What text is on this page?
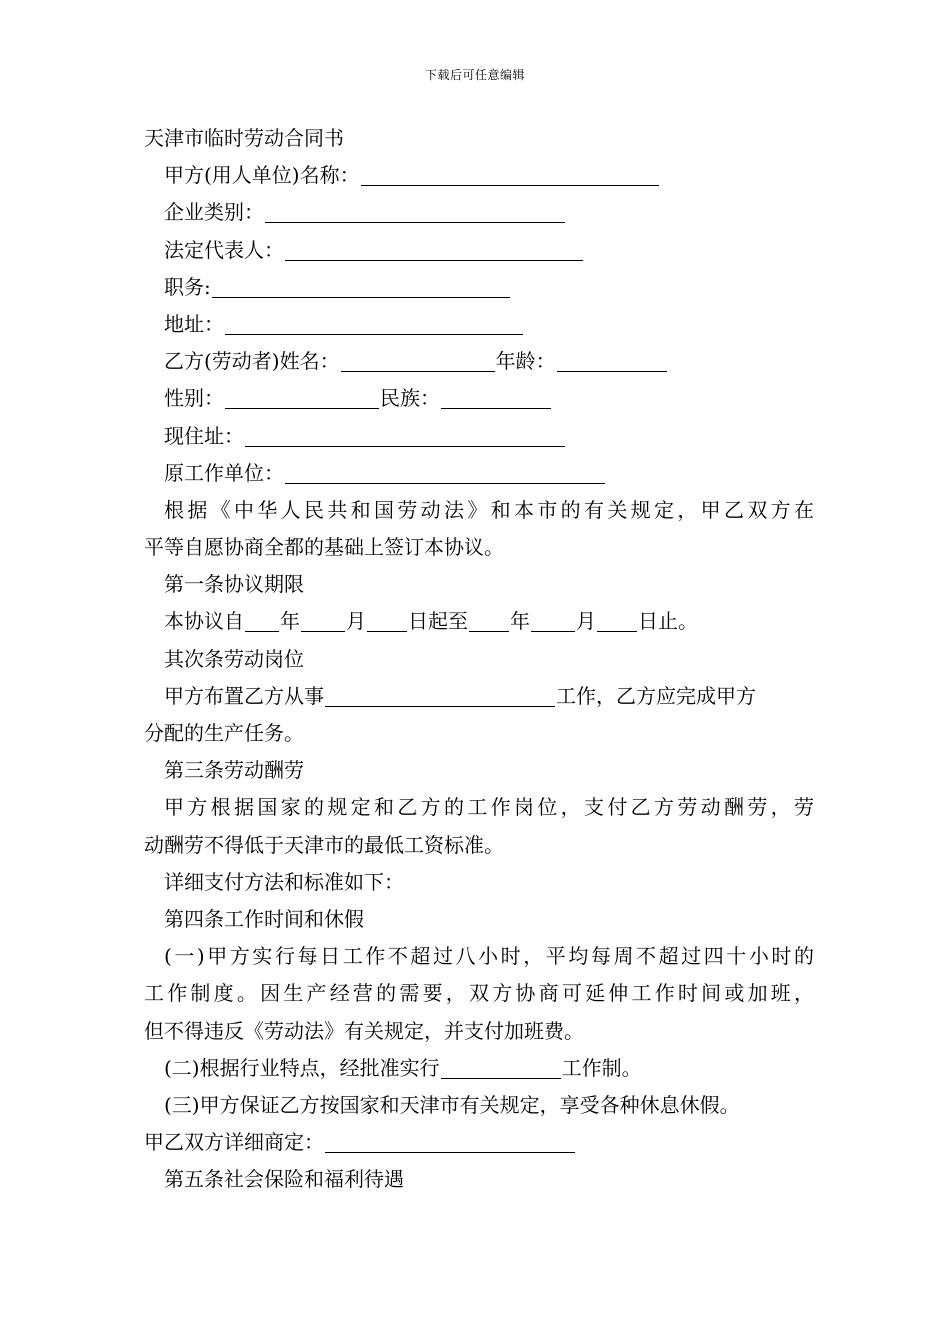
下载后可任意编辑
天津市临时劳动合同书
甲方(用人单位)名称：
企业类别：
法定代表人：
职务:
地址：
乙方(劳动者)姓名：	年龄：
性别：	民族：
现住址：
原工作单位：
根据《中华人民共和国劳动法》和本市的有关规定，甲乙双方在
平等自愿协商全都的基础上签订本协议。
第一条协议期限
本协议自 年 月 日起至 年 月 日止。
其次条劳动岗位
甲方布置乙方从事	工作，乙方应完成甲方
分配的生产任务。
第三条劳动酬劳
甲方根据国家的规定和乙方的工作岗位，支付乙方劳动酬劳，劳
动酬劳不得低于天津市的最低工资标准。
详细支付方法和标准如下：
第四条工作时间和休假
(一)甲方实行每日工作不超过八小时，平均每周不超过四十小时的
工作制度。因生产经营的需要，双方协商可延伸工作时间或加班，
但不得违反《劳动法》有关规定，并支付加班费。
(二)根据行业特点，经批准实行	工作制。
(三)甲方保证乙方按国家和天津市有关规定，享受各种休息休假。
甲乙双方详细商定：
第五条社会保险和福利待遇
